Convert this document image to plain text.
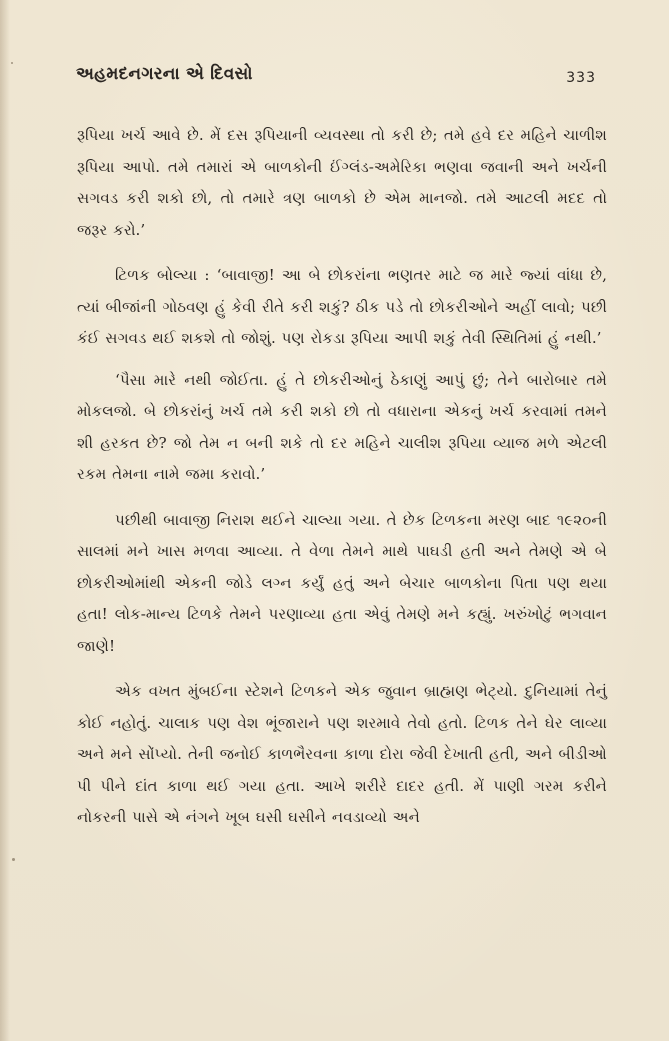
અહમદનગરના એ દિવસો	333

રૂપિયા ખર્ચ આવે છે. મેં દસ રૂપિયાની વ્યવસ્થા તો કરી છે; તમે હવે દર મહિને ચાળીશ રૂપિયા આપો. તમે તમારાં એ બાળકોની ઈંગ્લંડ-અમેરિકા ભણવા જવાની અને ખર્ચની સગવડ કરી શકો છો, તો તમારે ત્રણ બાળકો છે એમ માનજો. તમે આટલી મદદ તો જરૂર કરો.’

ટિળક બોલ્યા : ‘બાવાજી! આ બે છોકરાંના ભણતર માટે જ મારે જ્યાં વાંધા છે, ત્યાં બીજાંની ગોઠવણ હું કેવી રીતે કરી શકું? ઠીક પડે તો છોકરીઓને અહીં લાવો; પછી કંઈ સગવડ થઈ શકશે તો જોશું. પણ રોકડા રૂપિયા આપી શકું તેવી સ્થિતિમાં હું નથી.’

‘પૈસા મારે નથી જોઈતા. હું તે છોકરીઓનું ઠેકાણું આપું છું; તેને બારોબાર તમે મોકલજો. બે છોકરાંનું ખર્ચ તમે કરી શકો છો તો વધારાના એકનું ખર્ચ કરવામાં તમને શી હરકત છે? જો તેમ ન બની શકે તો દર મહિને ચાલીશ રૂપિયા વ્યાજ મળે એટલી રકમ તેમના નામે જમા કરાવો.’

પછીથી બાવાજી નિરાશ થઈને ચાલ્યા ગયા. તે છેક ટિળકના મરણ બાદ ૧૯૨૦ની સાલમાં મને ખાસ મળવા આવ્યા. તે વેળા તેમને માથે પાઘડી હતી અને તેમણે એ બે છોકરીઓમાંથી એકની જોડે લગ્ન કર્યું હતું અને બેચાર બાળકોના પિતા પણ થયા હતા! લોક-માન્ય ટિળકે તેમને પરણાવ્યા હતા એવું તેમણે મને કહ્યું. ખરુંખોટું ભગવાન જાણે!

એક વખત મુંબઈના સ્ટેશને ટિળકને એક જુવાન બ્રાહ્મણ ભેટ્યો. દુનિયામાં તેનું કોઈ નહોતું. ચાલાક પણ વેશ ભૂંજારાને પણ શરમાવે તેવો હતો. ટિળક તેને ઘેર લાવ્યા અને મને સોંપ્યો. તેની જનોઈ કાળભૈરવના કાળા દોરા જેવી દેખાતી હતી, અને બીડીઓ પી પીને દાંત કાળા થઈ ગયા હતા. આખે શરીરે દાદર હતી. મેં પાણી ગરમ કરીને નોકરની પાસે એ નંગને ખૂબ ઘસી ઘસીને નવડાવ્યો અને
